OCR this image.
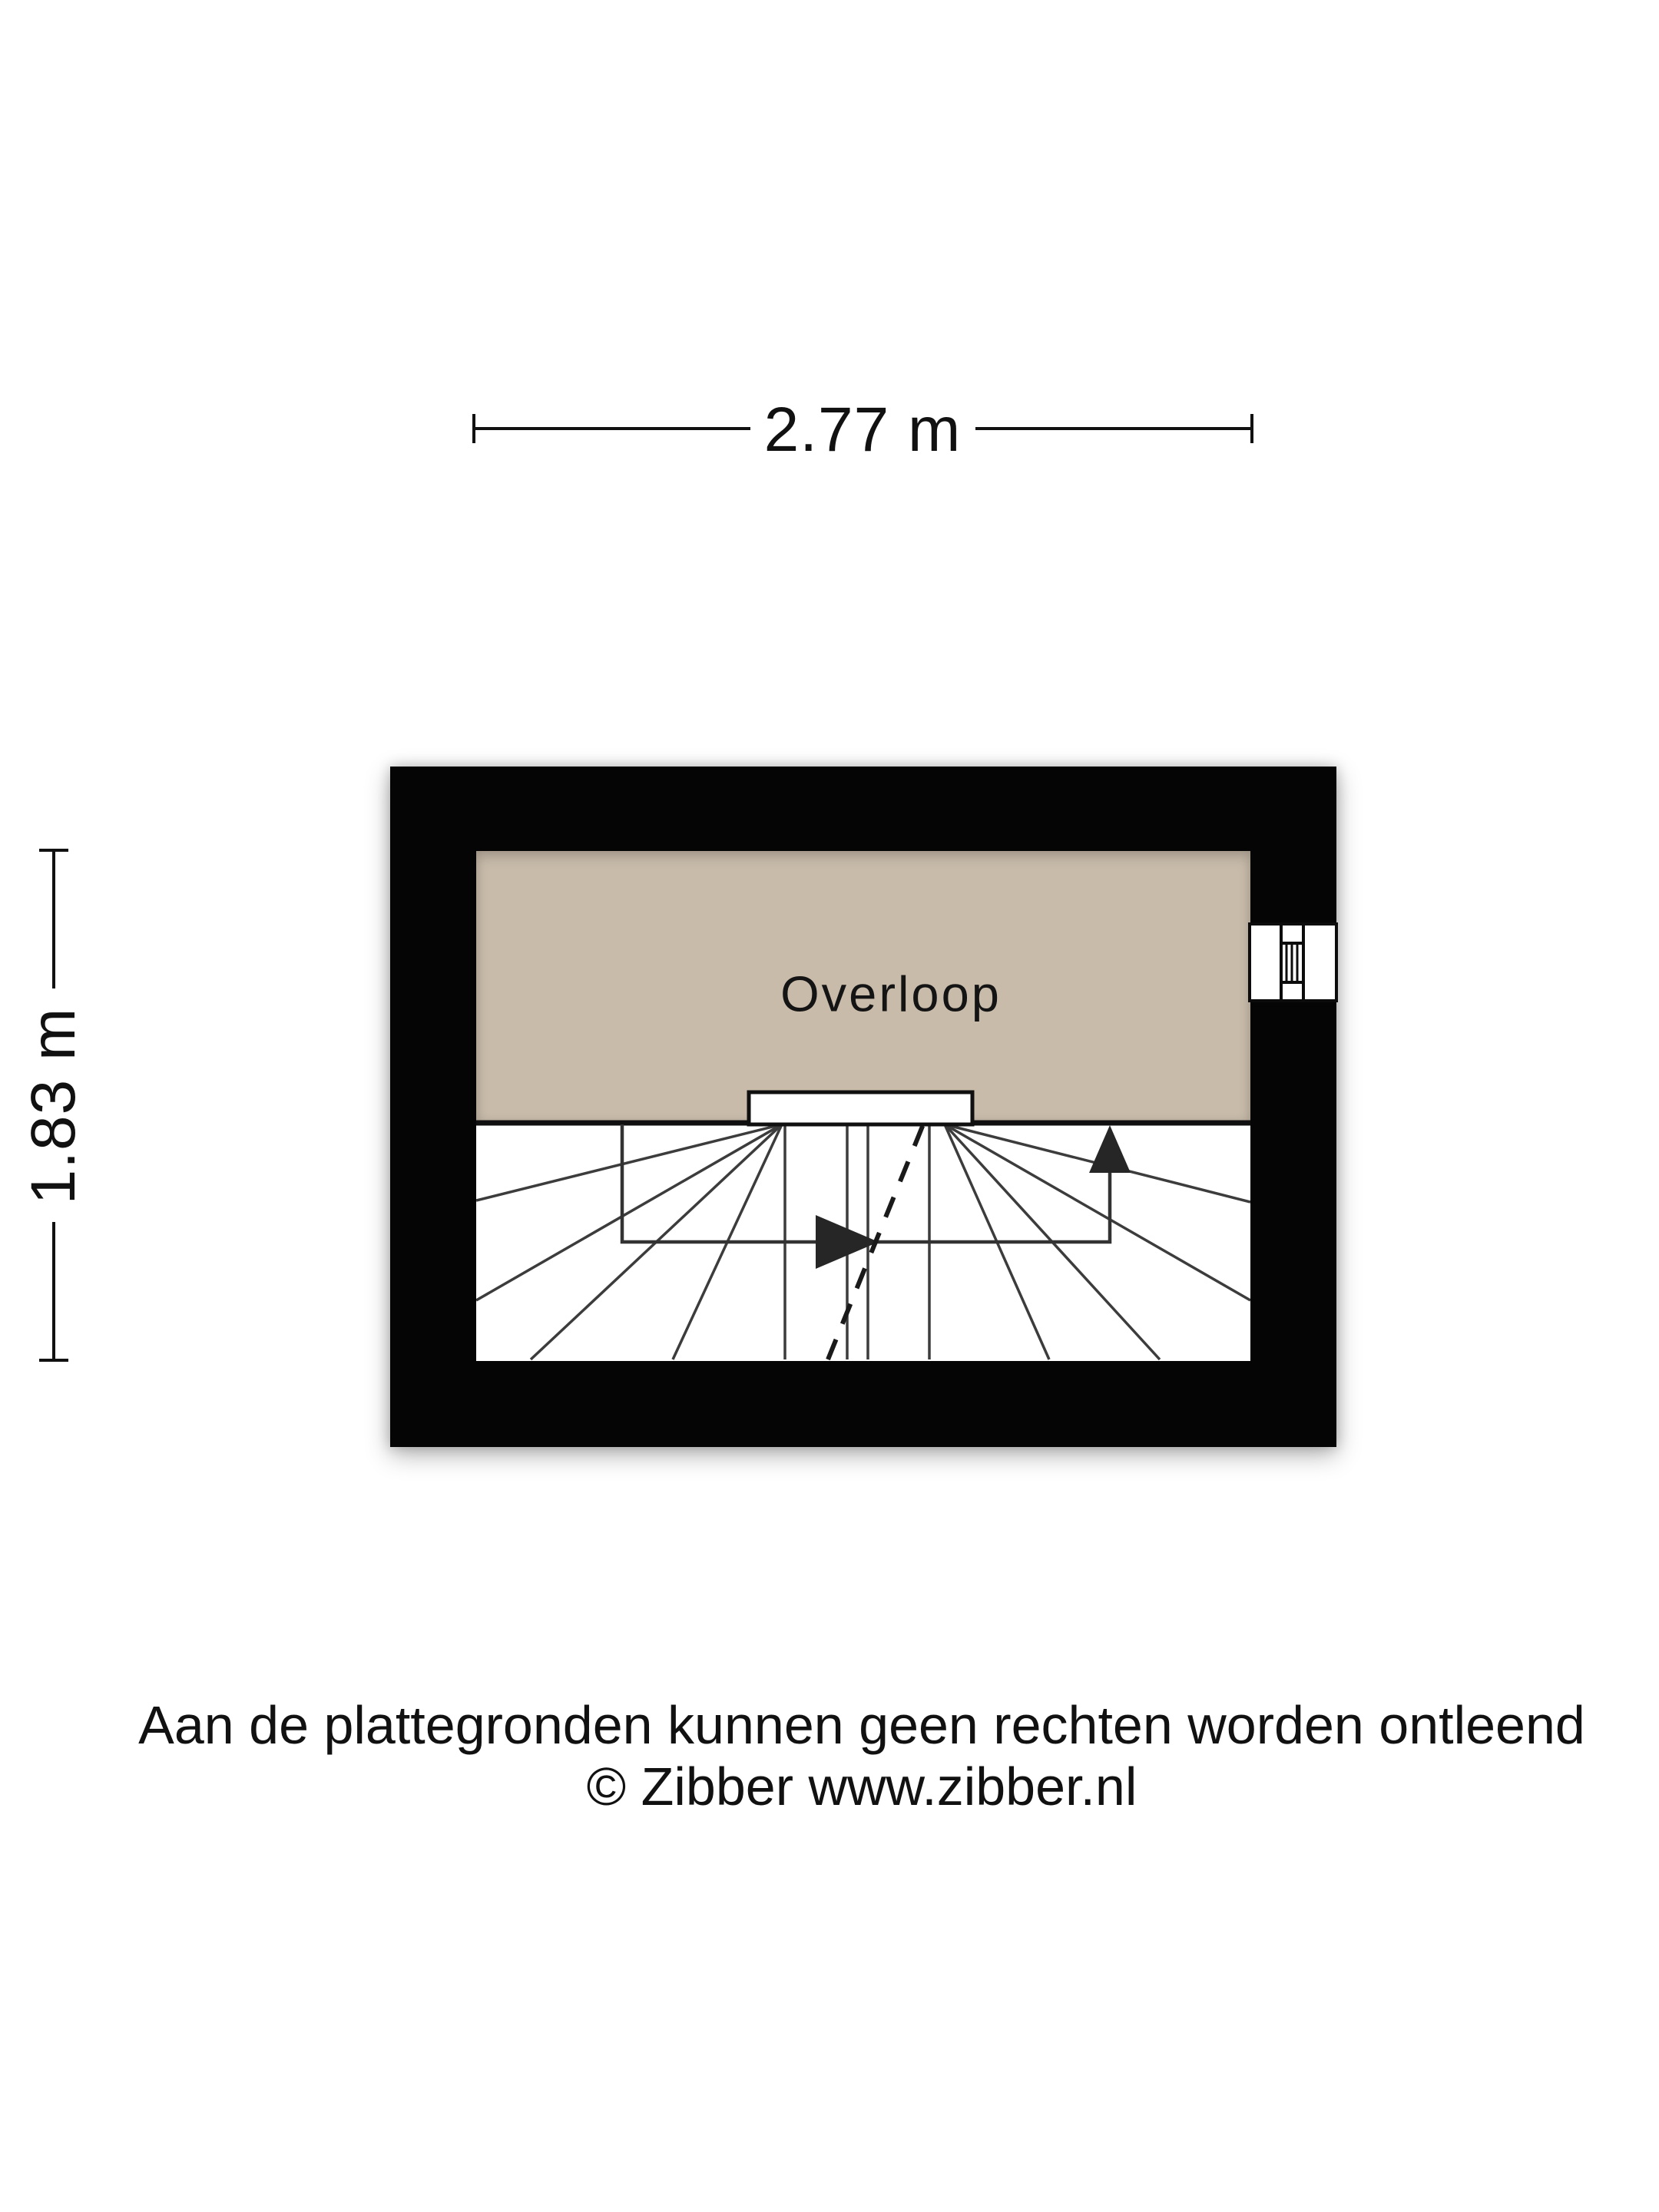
2.77 m
1.83 m
Overloop
Aan de plattegronden kunnen geen rechten worden ontleend
© Zibber www.zibber.nl
